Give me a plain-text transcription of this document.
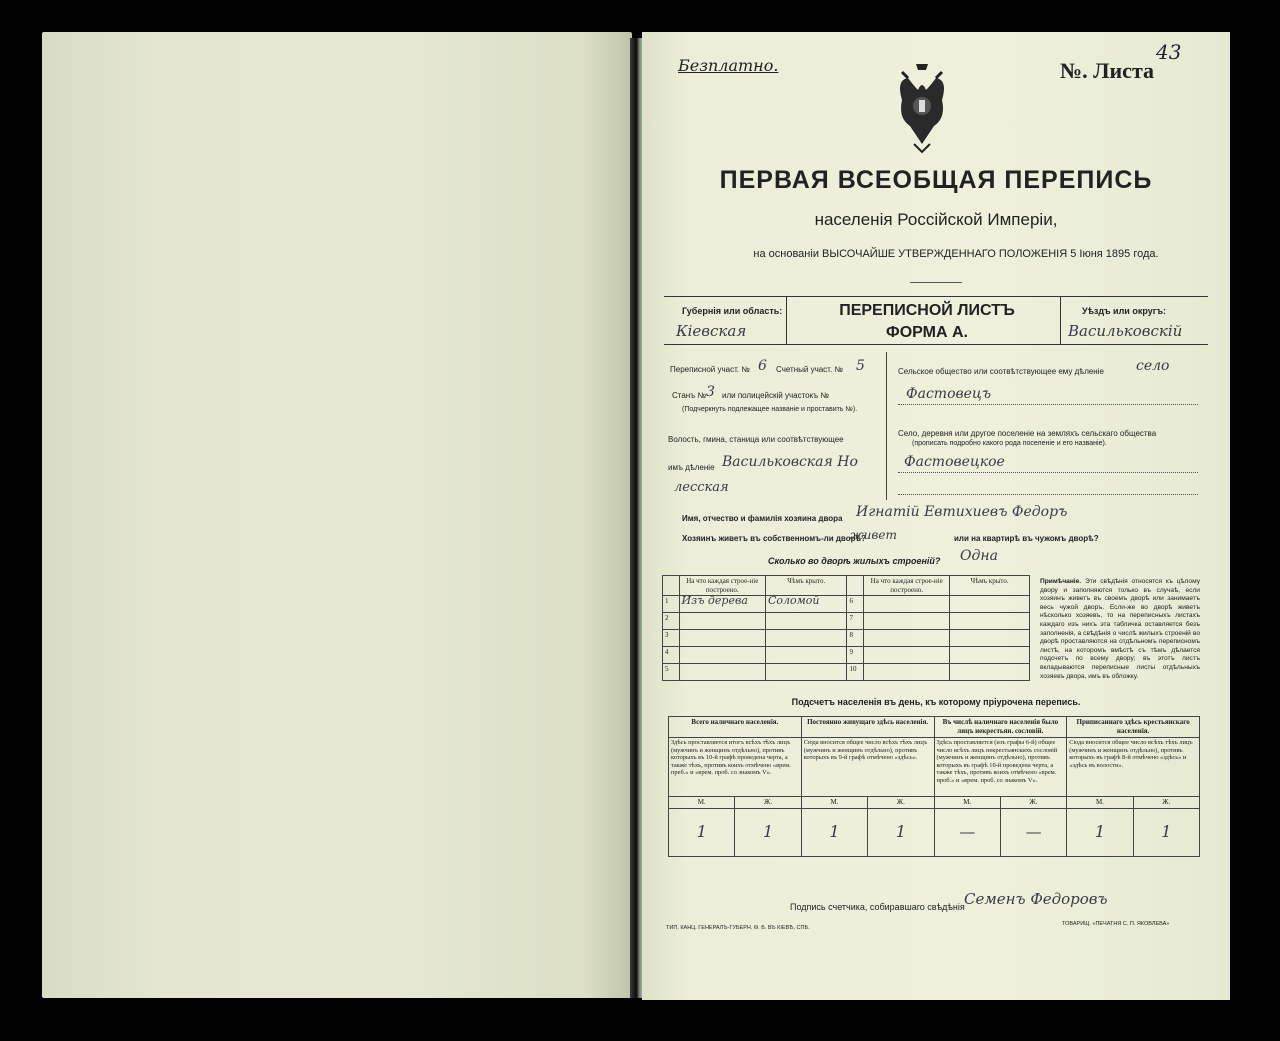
Безплатно.	№. Листа
43
ПЕРВАЯ ВСЕОБЩАЯ ПЕРЕПИСЬ
населенія Россійской Имперіи,
на основаніи ВЫСОЧАЙШЕ УТВЕРЖДЕННАГО ПОЛОЖЕНІЯ 5 Іюня 1895 года.
Губернія или область:
Кіевская
ПЕРЕПИСНОЙ ЛИСТЪ
ФОРМА А.
Уѣздъ или округъ:
Васильковскій
Переписной участ. № 6 Счетный участ. № 5
Станъ № 3 или полицейскій участокъ №
(Подчеркнуть подлежащее названіе и проставить №).
Волость, гмина, станица или соотвѣтствующее
имъ дѣленіе Васильковская Но
лесская
Сельское общество или соотвѣтствующее ему дѣленіе село
Фастовецъ
Село, деревня или другое поселеніе на земляхъ сельскаго общества
(прописать подробно какого рода поселеніе и его названіе).
Фастовецкое
Имя, отчество и фамилія хозяина двора Игнатій Евтихиевъ Федоръ
Хозяинъ живетъ въ собственномъ-ли дворѣ?
живет	или на квартирѣ въ чужомъ дворѣ?
Сколько во дворѣ жилыхъ строеній? Одна
	На что каждая строе-ніе построено.	Чѣмъ крыто.		На что каждая строе-ніе построено.	Чѣмъ крыто.
1	Изъ дерева	Соломой	6		
2			7		
3			8		
4			9		
5			10		
Примѣчаніе. Эти свѣдѣнія относятся къ цѣлому двору и заполняются только въ случаѣ, если хозяинъ живетъ въ своемъ дворѣ или занимаетъ весь чужой дворъ. Если-же во дворѣ живетъ нѣсколько хозяевъ, то на переписныхъ листахъ каждаго изъ нихъ эта табличка оставляется безъ заполненія, а свѣдѣнія о числѣ жилыхъ строеній во дворѣ проставляются на отдѣльномъ переписномъ листѣ, на которомъ вмѣстѣ съ тѣмъ дѣлается подсчетъ по всему двору; въ этотъ листъ вкладываются переписные листы отдѣльныхъ хозяевъ двора, имъ въ обложку.
Подсчетъ населенія въ день, къ которому пріурочена перепись.
Всего наличнаго населенія.		Постоянно живущаго здѣсь населенія.		Въ числѣ наличнаго населенія было лицъ некрестьян. сословій.		Приписаннаго здѣсь крестьянскаго населенія.	
Здѣсь проставляется итогъ всѣхъ тѣхъ лицъ (мужчинъ и женщинъ отдѣльно), противъ которыхъ въ 10-й графѣ проведена черта, а также тѣхъ, противъ коихъ отмѣчено «врем. преб.» и «врем. проб. со знакомъ V».		Сюда вносится общее число всѣхъ тѣхъ лицъ (мужчинъ и женщинъ отдѣльно), противъ которыхъ въ 9-й графѣ отмѣчено «здѣсь».		Здѣсь проставляется (изъ графы 6-й) общее число всѣхъ лицъ некрестьянскихъ сословій (мужчинъ и женщинъ отдѣльно), противъ которыхъ въ графѣ 10-й проведена черта, а также тѣхъ, противъ коихъ отмѣчено «врем. проб.» и «врем. проб. со знакомъ V».		Сюда вносится общее число всѣхъ тѣхъ лицъ (мужчинъ и женщинъ отдѣльно), противъ которыхъ въ графѣ 8-й отмѣчено «здѣсь» и «здѣсь въ волости».	
М.	Ж.	М.	Ж.	М.	Ж.	М.	Ж.
1	1	1	1	—	—	1	1
Подпись счетчика, собиравшаго свѣдѣнія Семенъ Федоровъ
ТИП. КАНЦ. ГЕНЕРАЛЪ-ГУБЕРН. Ѳ. Б. ВЪ КІЕВѢ, СПБ.
ТОВАРИЩ. «ПЕЧАТНЯ С. П. ЯКОВЛЕВА»
